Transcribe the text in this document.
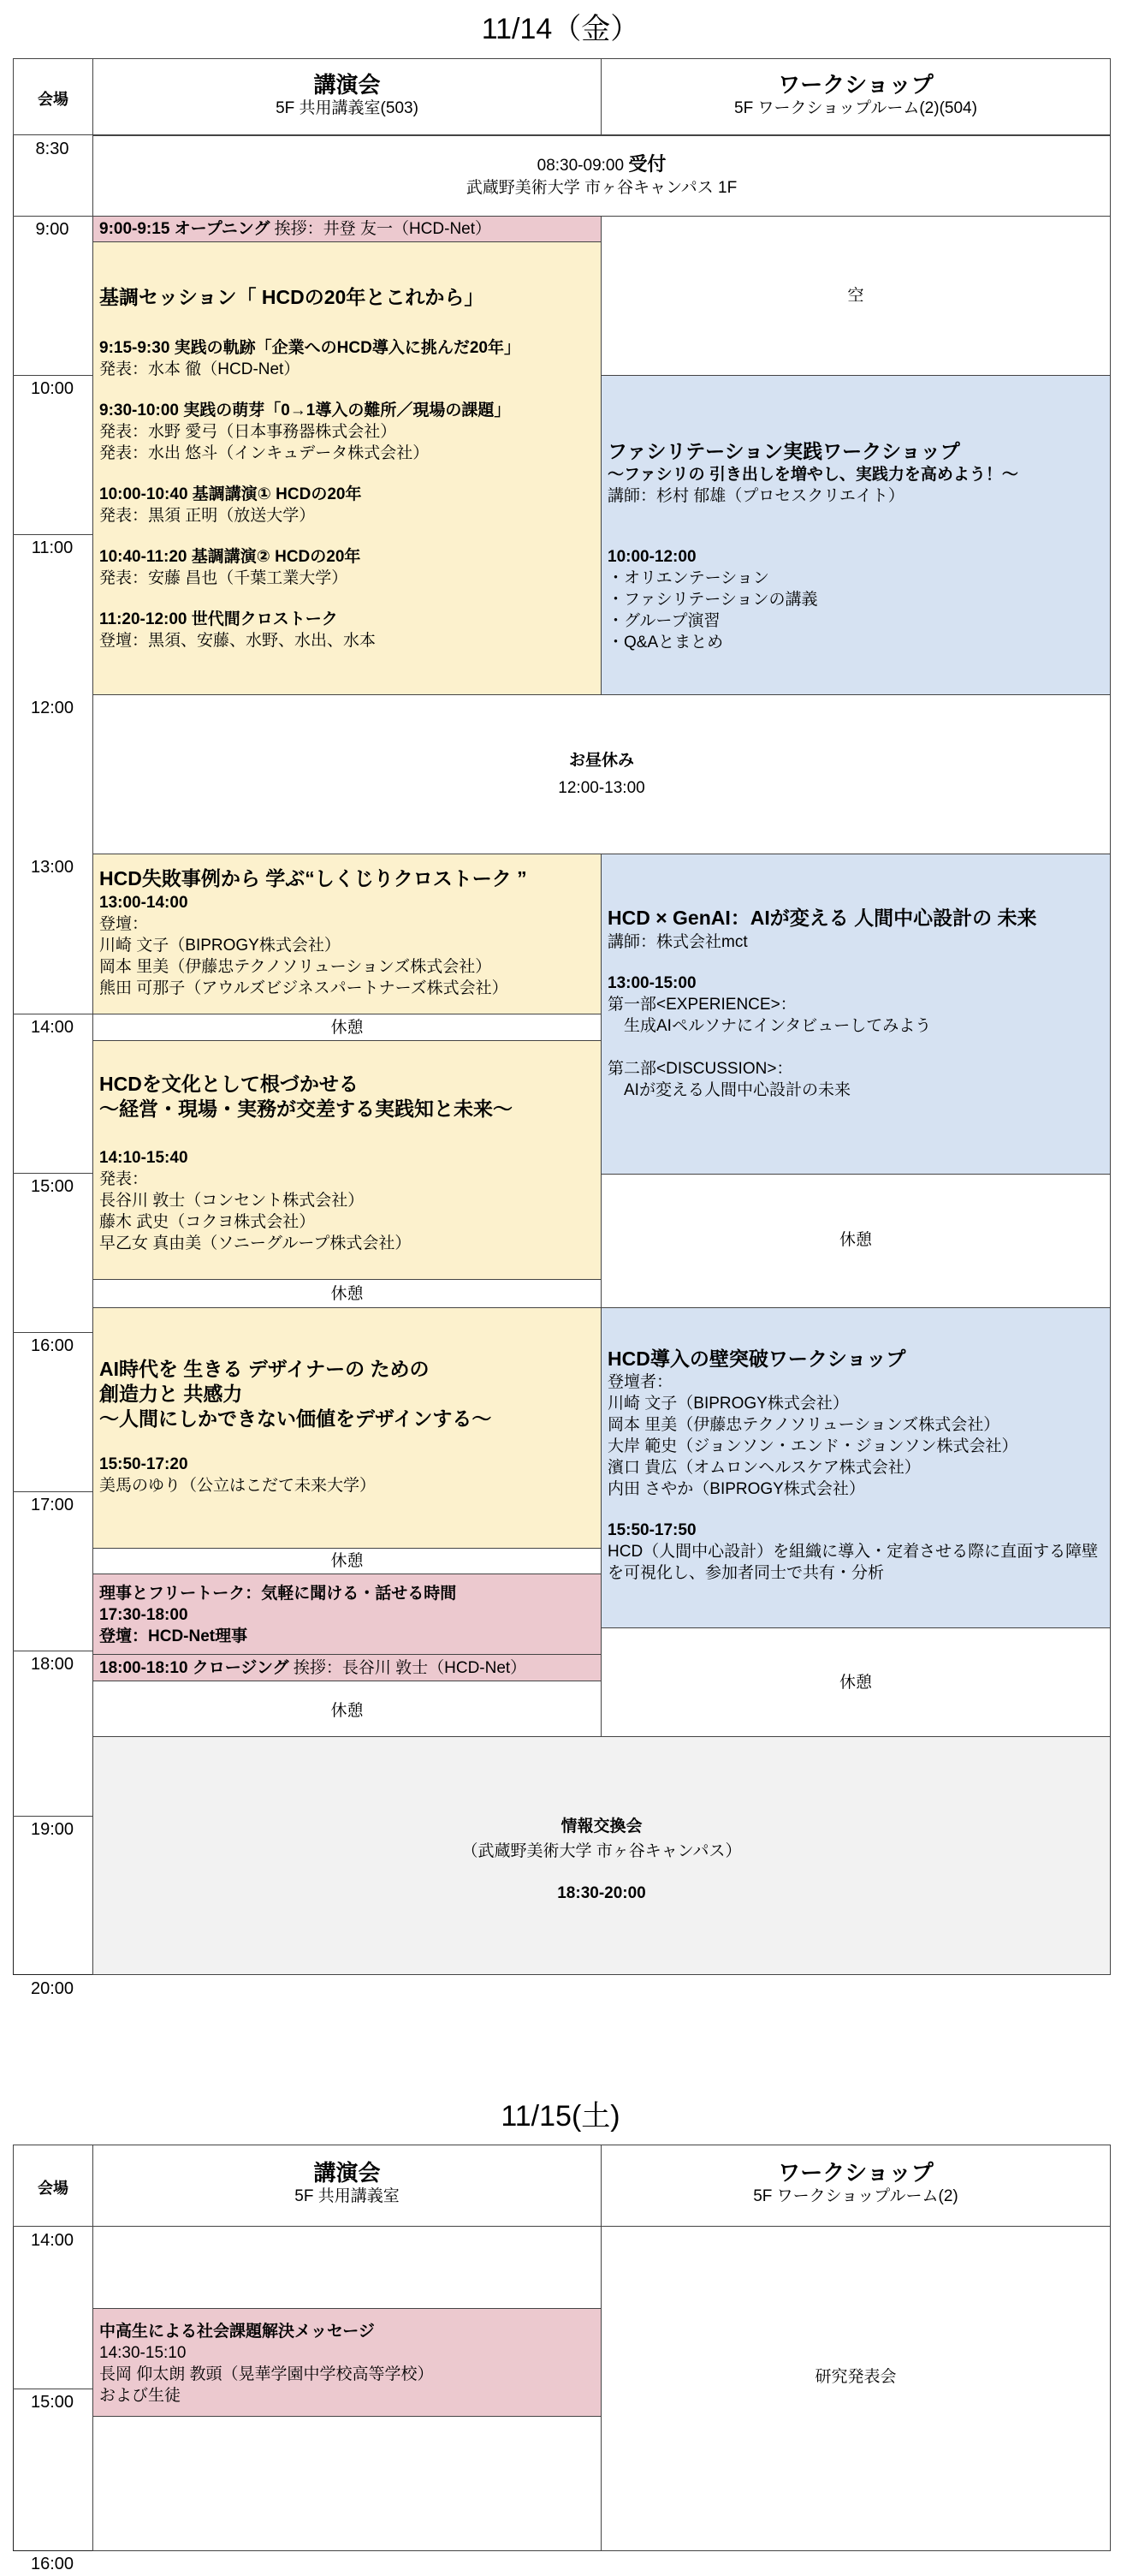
11/14（金）
会場
講演会
5F 共用講義室(503)
ワークショップ
5F ワークショップルーム(2)(504)
8:30
9:00
10:00
11:00
12:00
13:00
14:00
15:00
16:00
17:00
18:00
19:00
20:00
08:30-09:00 受付
武蔵野美術大学 市ヶ谷キャンパス 1F
9:00-9:15 オープニング 挨拶：井登 友一（HCD-Net）
空
基調セッション「 HCDの20年とこれから」
9:15-9:30 実践の軌跡「企業へのHCD導入に挑んだ20年」
発表：水本 徹（HCD-Net）
9:30-10:00 実践の萌芽「0→1導入の難所／現場の課題」
発表：水野 愛弓（日本事務器株式会社）
発表：水出 悠斗（インキュデータ株式会社）
10:00-10:40 基調講演① HCDの20年
発表：黒須 正明（放送大学）
10:40-11:20 基調講演② HCDの20年
発表：安藤 昌也（千葉工業大学）
11:20-12:00 世代間クロストーク
登壇：黒須、安藤、水野、水出、水本
ファシリテーション実践ワークショップ
〜ファシリの 引き出しを増やし、実践力を高めよう！〜
講師：杉村 郁雄（プロセスクリエイト）
10:00-12:00
・オリエンテーション
・ファシリテーションの講義
・グループ演習
・Q&Aとまとめ
お昼休み
12:00-13:00
HCD失敗事例から 学ぶ“しくじりクロストーク ”
13:00-14:00
登壇：
川崎 文子（BIPROGY株式会社）
岡本 里美（伊藤忠テクノソリューションズ株式会社）
熊田 可那子（アウルズビジネスパートナーズ株式会社）
休憩
HCDを文化として根づかせる
〜経営・現場・実務が交差する実践知と未来〜
14:10-15:40
発表：
長谷川 敦士（コンセント株式会社）
藤木 武史（コクヨ株式会社）
早乙女 真由美（ソニーグループ株式会社）
HCD × GenAI：AIが変える 人間中心設計の 未来
講師：株式会社mct
13:00-15:00
第一部<EXPERIENCE>：
　生成AIペルソナにインタビューしてみよう

第二部<DISCUSSION>：
　AIが変える人間中心設計の未来
休憩
休憩
AI時代を 生きる デザイナーの ための
創造力と 共感力
〜人間にしかできない価値をデザインする〜
15:50-17:20
美馬のゆり（公立はこだて未来大学）
HCD導入の壁突破ワークショップ
登壇者：
川崎 文子（BIPROGY株式会社）
岡本 里美（伊藤忠テクノソリューションズ株式会社）
大岸 範史（ジョンソン・エンド・ジョンソン株式会社）
濱口 貴広（オムロンヘルスケア株式会社）
内田 さやか（BIPROGY株式会社）
15:50-17:50
HCD（人間中心設計）を組織に導入・定着させる際に直面する障壁を可視化し、参加者同士で共有・分析
休憩
理事とフリートーク：気軽に聞ける・話せる時間
17:30-18:00
登壇：HCD-Net理事
18:00-18:10 クロージング 挨拶：長谷川 敦士（HCD-Net）
休憩
休憩
情報交換会
（武蔵野美術大学 市ヶ谷キャンパス）
18:30-20:00
11/15(土)
会場
講演会
5F 共用講義室
ワークショップ
5F ワークショップルーム(2)
14:00
15:00
16:00
中高生による社会課題解決メッセージ
14:30-15:10
長岡 仰太朗 教頭（晃華学園中学校高等学校）
および生徒
研究発表会
